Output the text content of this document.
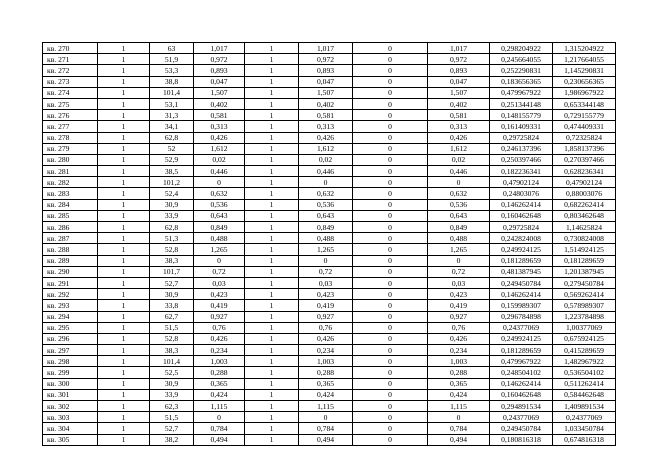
кв. 270	1	63	1,017	1	1,017	0	1,017	0,298204922	1,315204922
кв. 271	1	51,9	0,972	1	0,972	0	0,972	0,245664055	1,217664055
кв. 272	1	53,3	0,893	1	0,893	0	0,893	0,252290831	1,145290831
кв. 273	1	38,8	0,047	1	0,047	0	0,047	0,183656365	0,230656365
кв. 274	1	101,4	1,507	1	1,507	0	1,507	0,479967922	1,986967922
кв. 275	1	53,1	0,402	1	0,402	0	0,402	0,251344148	0,653344148
кв. 276	1	31,3	0,581	1	0,581	0	0,581	0,148155779	0,729155779
кв. 277	1	34,1	0,313	1	0,313	0	0,313	0,161409331	0,474409331
кв. 278	1	62,8	0,426	1	0,426	0	0,426	0,29725824	0,72325824
кв. 279	1	52	1,612	1	1,612	0	1,612	0,246137396	1,858137396
кв. 280	1	52,9	0,02	1	0,02	0	0,02	0,250397466	0,270397466
кв. 281	1	38,5	0,446	1	0,446	0	0,446	0,182236341	0,628236341
кв. 282	1	101,2	0	1	0	0	0	0,47902124	0,47902124
кв. 283	1	52,4	0,632	1	0,632	0	0,632	0,24803076	0,88003076
кв. 284	1	30,9	0,536	1	0,536	0	0,536	0,146262414	0,682262414
кв. 285	1	33,9	0,643	1	0,643	0	0,643	0,160462648	0,803462648
кв. 286	1	62,8	0,849	1	0,849	0	0,849	0,29725824	1,14625824
кв. 287	1	51,3	0,488	1	0,488	0	0,488	0,242824008	0,730824008
кв. 288	1	52,8	1,265	1	1,265	0	1,265	0,249924125	1,514924125
кв. 289	1	38,3	0	1	0	0	0	0,181289659	0,181289659
кв. 290	1	101,7	0,72	1	0,72	0	0,72	0,481387945	1,201387945
кв. 291	1	52,7	0,03	1	0,03	0	0,03	0,249450784	0,279450784
кв. 292	1	30,9	0,423	1	0,423	0	0,423	0,146262414	0,569262414
кв. 293	1	33,8	0,419	1	0,419	0	0,419	0,159989307	0,578989307
кв. 294	1	62,7	0,927	1	0,927	0	0,927	0,296784898	1,223784898
кв. 295	1	51,5	0,76	1	0,76	0	0,76	0,24377069	1,00377069
кв. 296	1	52,8	0,426	1	0,426	0	0,426	0,249924125	0,675924125
кв. 297	1	38,3	0,234	1	0,234	0	0,234	0,181289659	0,415289659
кв. 298	1	101,4	1,003	1	1,003	0	1,003	0,479967922	1,482967922
кв. 299	1	52,5	0,288	1	0,288	0	0,288	0,248504102	0,536504102
кв. 300	1	30,9	0,365	1	0,365	0	0,365	0,146262414	0,511262414
кв. 301	1	33,9	0,424	1	0,424	0	0,424	0,160462648	0,584462648
кв. 302	1	62,3	1,115	1	1,115	0	1,115	0,294891534	1,409891534
кв. 303	1	51,5	0	1	0	0	0	0,24377069	0,24377069
кв. 304	1	52,7	0,784	1	0,784	0	0,784	0,249450784	1,033450784
кв. 305	1	38,2	0,494	1	0,494	0	0,494	0,180816318	0,674816318
